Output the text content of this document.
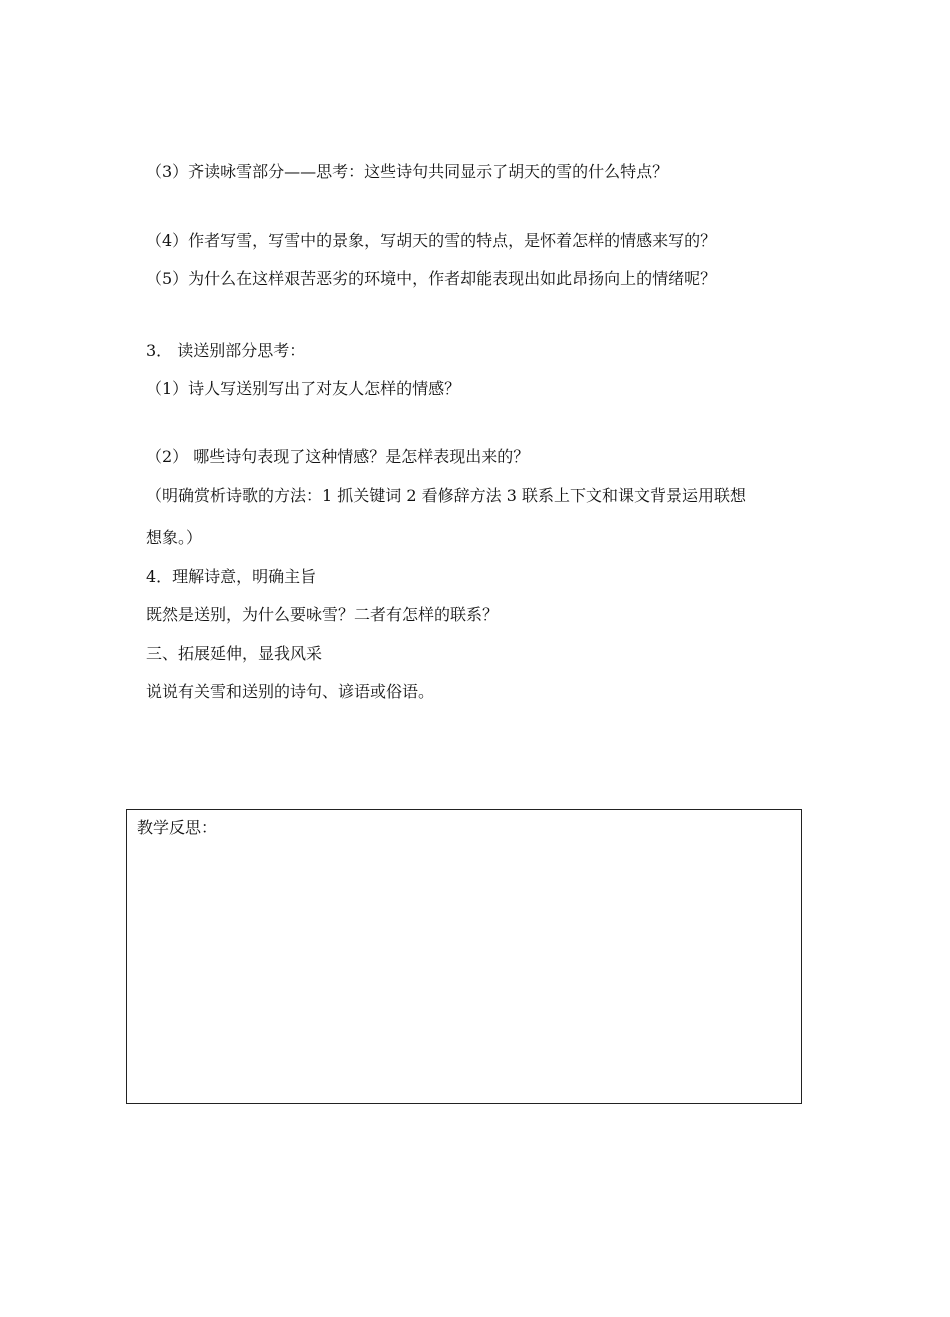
（3）齐读咏雪部分——思考：这些诗句共同显示了胡天的雪的什么特点？

（4）作者写雪，写雪中的景象，写胡天的雪的特点，是怀着怎样的情感来写的？

（5）为什么在这样艰苦恶劣的环境中，作者却能表现出如此昂扬向上的情绪呢？

3． 读送别部分思考：

（1）诗人写送别写出了对友人怎样的情感？

（2） 哪些诗句表现了这种情感？是怎样表现出来的？

（明确赏析诗歌的方法：1 抓关键词 2 看修辞方法 3 联系上下文和课文背景运用联想

想象。）

4．理解诗意，明确主旨

既然是送别，为什么要咏雪？二者有怎样的联系？

三、拓展延伸，显我风采

说说有关雪和送别的诗句、谚语或俗语。

教学反思：
